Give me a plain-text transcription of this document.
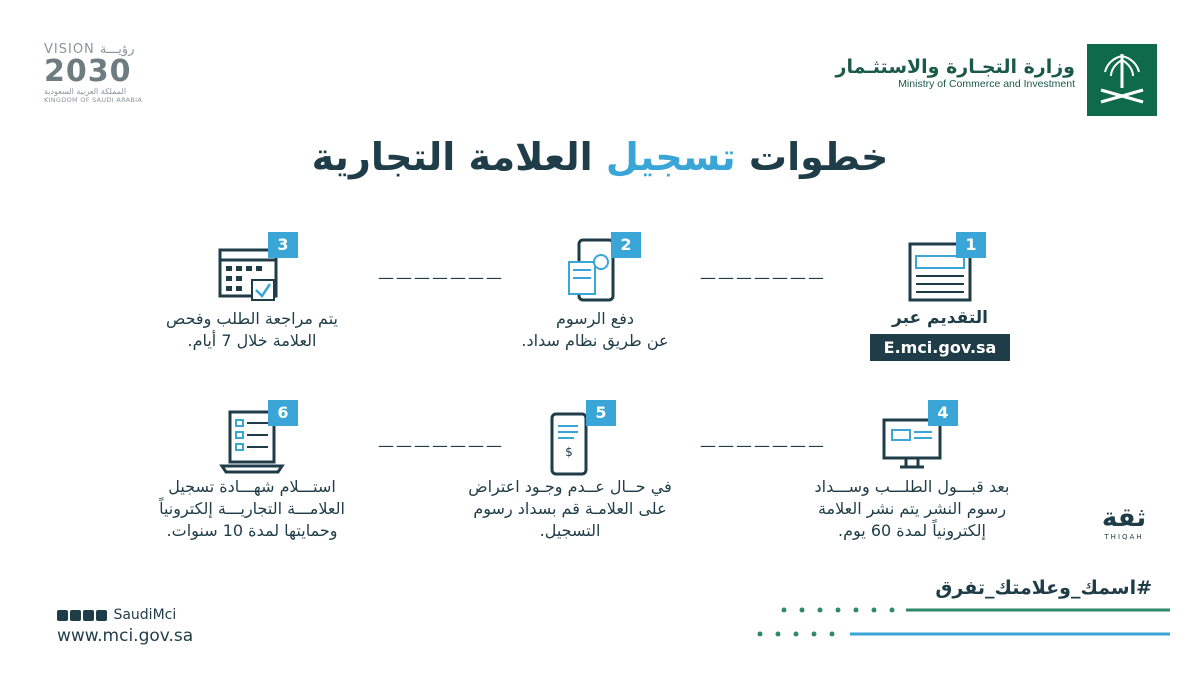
VISION رؤيـــة
2030
المملكة العربية السعودية
KINGDOM OF SAUDI ARABIA
وزارة التجـارة والاستثـمار
Ministry of Commerce and Investment
خطوات تسجيل العلامة التجارية
1
التقديم عبر
E.mci.gov.sa
2
دفع الرسوم
عن طريق نظام سداد.
3
يتم مراجعة الطلب وفحص
العلامة خلال 7 أيام.
4
بعد قبـــول الطلـــب وســـداد
رسوم النشر يتم نشر العلامة
إلكترونياً لمدة 60 يوم.
$
5
في حــال عــدم وجـود اعتراض
على العلامـة قم بسداد رسوم
التسجيل.
6
استـــلام شهـــادة تسجيل
العلامـــة التجاريـــة إلكترونياً
وحمايتها لمدة 10 سنوات.
———————
———————
———————
———————
ثقة
THIQAH
SaudiMci
www.mci.gov.sa
#اسمك_وعلامتك_تفرق
